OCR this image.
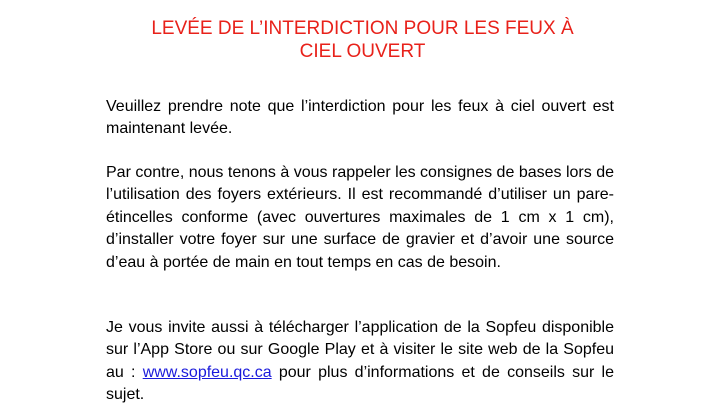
LEVÉE DE L’INTERDICTION POUR LES FEUX À
CIEL OUVERT

Veuillez prendre note que l’interdiction pour les feux à ciel ouvert est maintenant levée.

Par contre, nous tenons à vous rappeler les consignes de bases lors de l’utilisation des foyers extérieurs. Il est recommandé d’utiliser un pare-étincelles conforme (avec ouvertures maximales de 1 cm x 1 cm), d’installer votre foyer sur une surface de gravier et d’avoir une source d’eau à portée de main en tout temps en cas de besoin.

Je vous invite aussi à télécharger l’application de la Sopfeu disponible sur l’App Store ou sur Google Play et à visiter le site web de la Sopfeu au : www.sopfeu.qc.ca pour plus d’informations et de conseils sur le sujet.
